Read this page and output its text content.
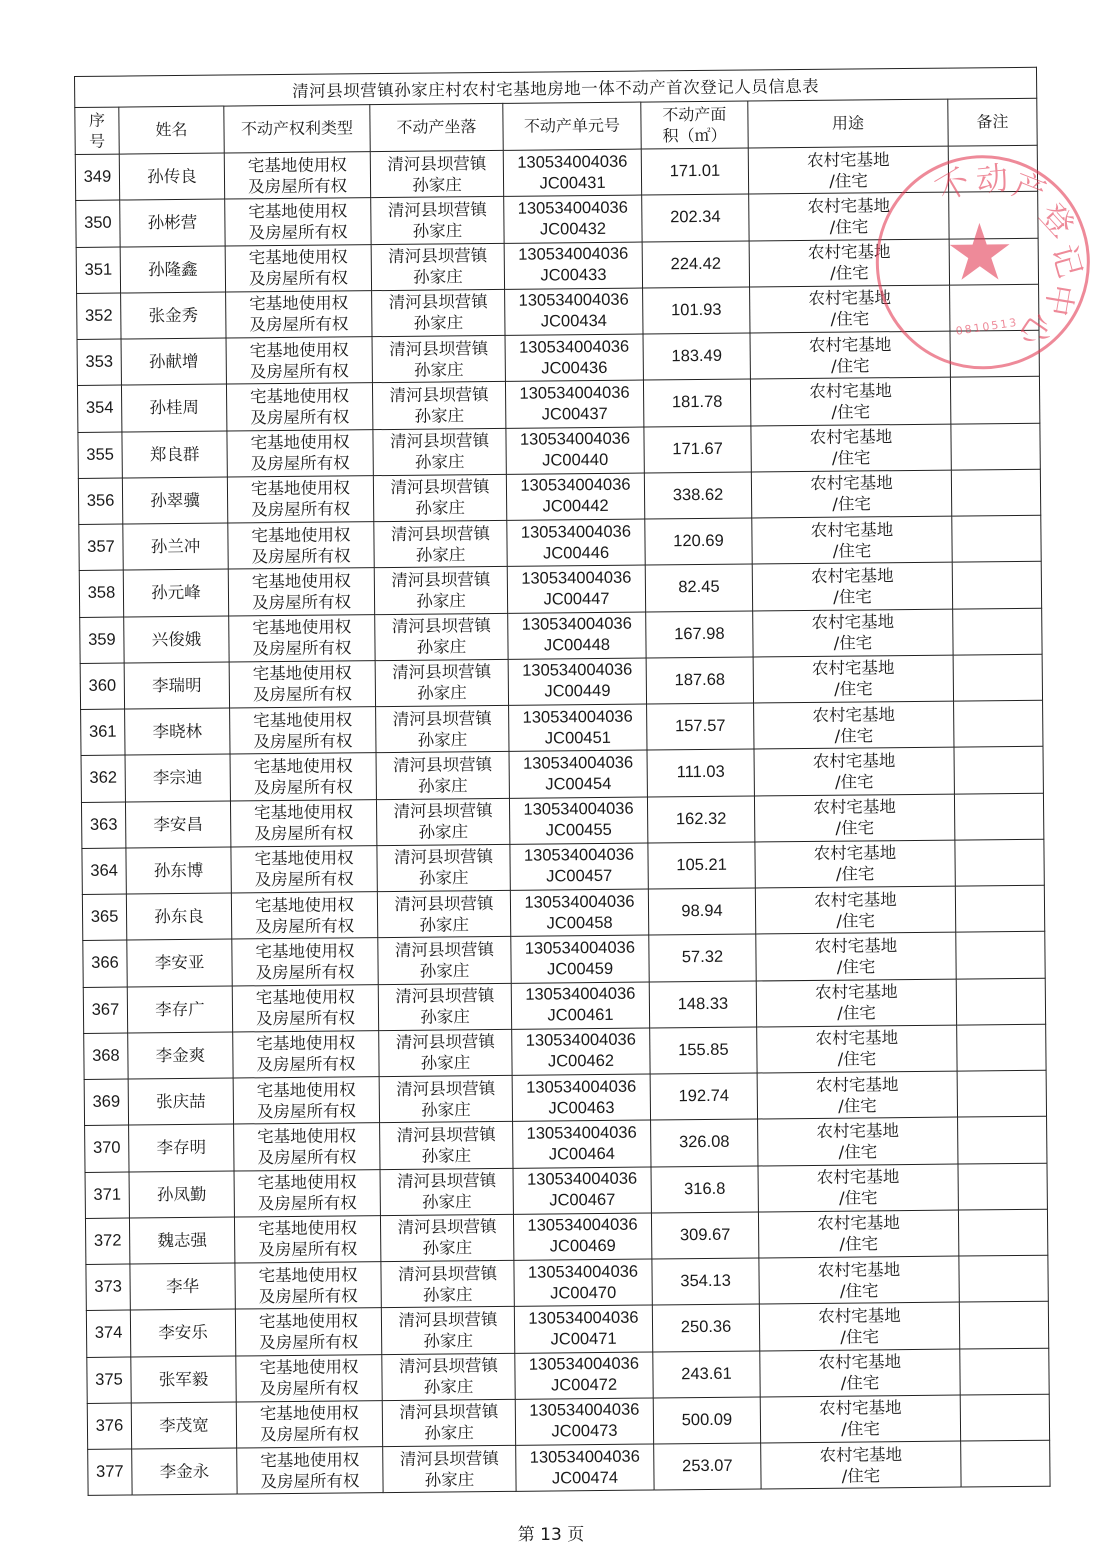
清河县坝营镇孙家庄村农村宅基地房地一体不动产首次登记人员信息表							

序
号	姓名	不动产权利类型	不动产坐落	不动产单元号	不动产面
积（㎡）	用途	备注
349	孙传良	宅基地使用权
及房屋所有权	清河县坝营镇
孙家庄	130534004036
JC00431	171.01	农村宅基地
/住宅	

350	孙彬营	宅基地使用权
及房屋所有权	清河县坝营镇
孙家庄	130534004036
JC00432	202.34	农村宅基地
/住宅	

351	孙隆鑫	宅基地使用权
及房屋所有权	清河县坝营镇
孙家庄	130534004036
JC00433	224.42	农村宅基地
/住宅	

352	张金秀	宅基地使用权
及房屋所有权	清河县坝营镇
孙家庄	130534004036
JC00434	101.93	农村宅基地
/住宅	

353	孙献增	宅基地使用权
及房屋所有权	清河县坝营镇
孙家庄	130534004036
JC00436	183.49	农村宅基地
/住宅	

354	孙桂周	宅基地使用权
及房屋所有权	清河县坝营镇
孙家庄	130534004036
JC00437	181.78	农村宅基地
/住宅	

355	郑良群	宅基地使用权
及房屋所有权	清河县坝营镇
孙家庄	130534004036
JC00440	171.67	农村宅基地
/住宅	

356	孙翠骥	宅基地使用权
及房屋所有权	清河县坝营镇
孙家庄	130534004036
JC00442	338.62	农村宅基地
/住宅	

357	孙兰冲	宅基地使用权
及房屋所有权	清河县坝营镇
孙家庄	130534004036
JC00446	120.69	农村宅基地
/住宅	

358	孙元峰	宅基地使用权
及房屋所有权	清河县坝营镇
孙家庄	130534004036
JC00447	82.45	农村宅基地
/住宅	

359	兴俊娥	宅基地使用权
及房屋所有权	清河县坝营镇
孙家庄	130534004036
JC00448	167.98	农村宅基地
/住宅	

360	李瑞明	宅基地使用权
及房屋所有权	清河县坝营镇
孙家庄	130534004036
JC00449	187.68	农村宅基地
/住宅	

361	李晓林	宅基地使用权
及房屋所有权	清河县坝营镇
孙家庄	130534004036
JC00451	157.57	农村宅基地
/住宅	

362	李宗迪	宅基地使用权
及房屋所有权	清河县坝营镇
孙家庄	130534004036
JC00454	111.03	农村宅基地
/住宅	

363	李安昌	宅基地使用权
及房屋所有权	清河县坝营镇
孙家庄	130534004036
JC00455	162.32	农村宅基地
/住宅	

364	孙东博	宅基地使用权
及房屋所有权	清河县坝营镇
孙家庄	130534004036
JC00457	105.21	农村宅基地
/住宅	

365	孙东良	宅基地使用权
及房屋所有权	清河县坝营镇
孙家庄	130534004036
JC00458	98.94	农村宅基地
/住宅	

366	李安亚	宅基地使用权
及房屋所有权	清河县坝营镇
孙家庄	130534004036
JC00459	57.32	农村宅基地
/住宅	

367	李存广	宅基地使用权
及房屋所有权	清河县坝营镇
孙家庄	130534004036
JC00461	148.33	农村宅基地
/住宅	

368	李金爽	宅基地使用权
及房屋所有权	清河县坝营镇
孙家庄	130534004036
JC00462	155.85	农村宅基地
/住宅	

369	张庆喆	宅基地使用权
及房屋所有权	清河县坝营镇
孙家庄	130534004036
JC00463	192.74	农村宅基地
/住宅	

370	李存明	宅基地使用权
及房屋所有权	清河县坝营镇
孙家庄	130534004036
JC00464	326.08	农村宅基地
/住宅	

371	孙凤勤	宅基地使用权
及房屋所有权	清河县坝营镇
孙家庄	130534004036
JC00467	316.8	农村宅基地
/住宅	

372	魏志强	宅基地使用权
及房屋所有权	清河县坝营镇
孙家庄	130534004036
JC00469	309.67	农村宅基地
/住宅	

373	李华	宅基地使用权
及房屋所有权	清河县坝营镇
孙家庄	130534004036
JC00470	354.13	农村宅基地
/住宅	

374	李安乐	宅基地使用权
及房屋所有权	清河县坝营镇
孙家庄	130534004036
JC00471	250.36	农村宅基地
/住宅	

375	张军毅	宅基地使用权
及房屋所有权	清河县坝营镇
孙家庄	130534004036
JC00472	243.61	农村宅基地
/住宅	

376	李茂宽	宅基地使用权
及房屋所有权	清河县坝营镇
孙家庄	130534004036
JC00473	500.09	农村宅基地
/住宅	

377	李金永	宅基地使用权
及房屋所有权	清河县坝营镇
孙家庄	130534004036
JC00474	253.07	农村宅基地
/住宅	

★
不
动
产
登
记
中
心
0810513
第 13 页
